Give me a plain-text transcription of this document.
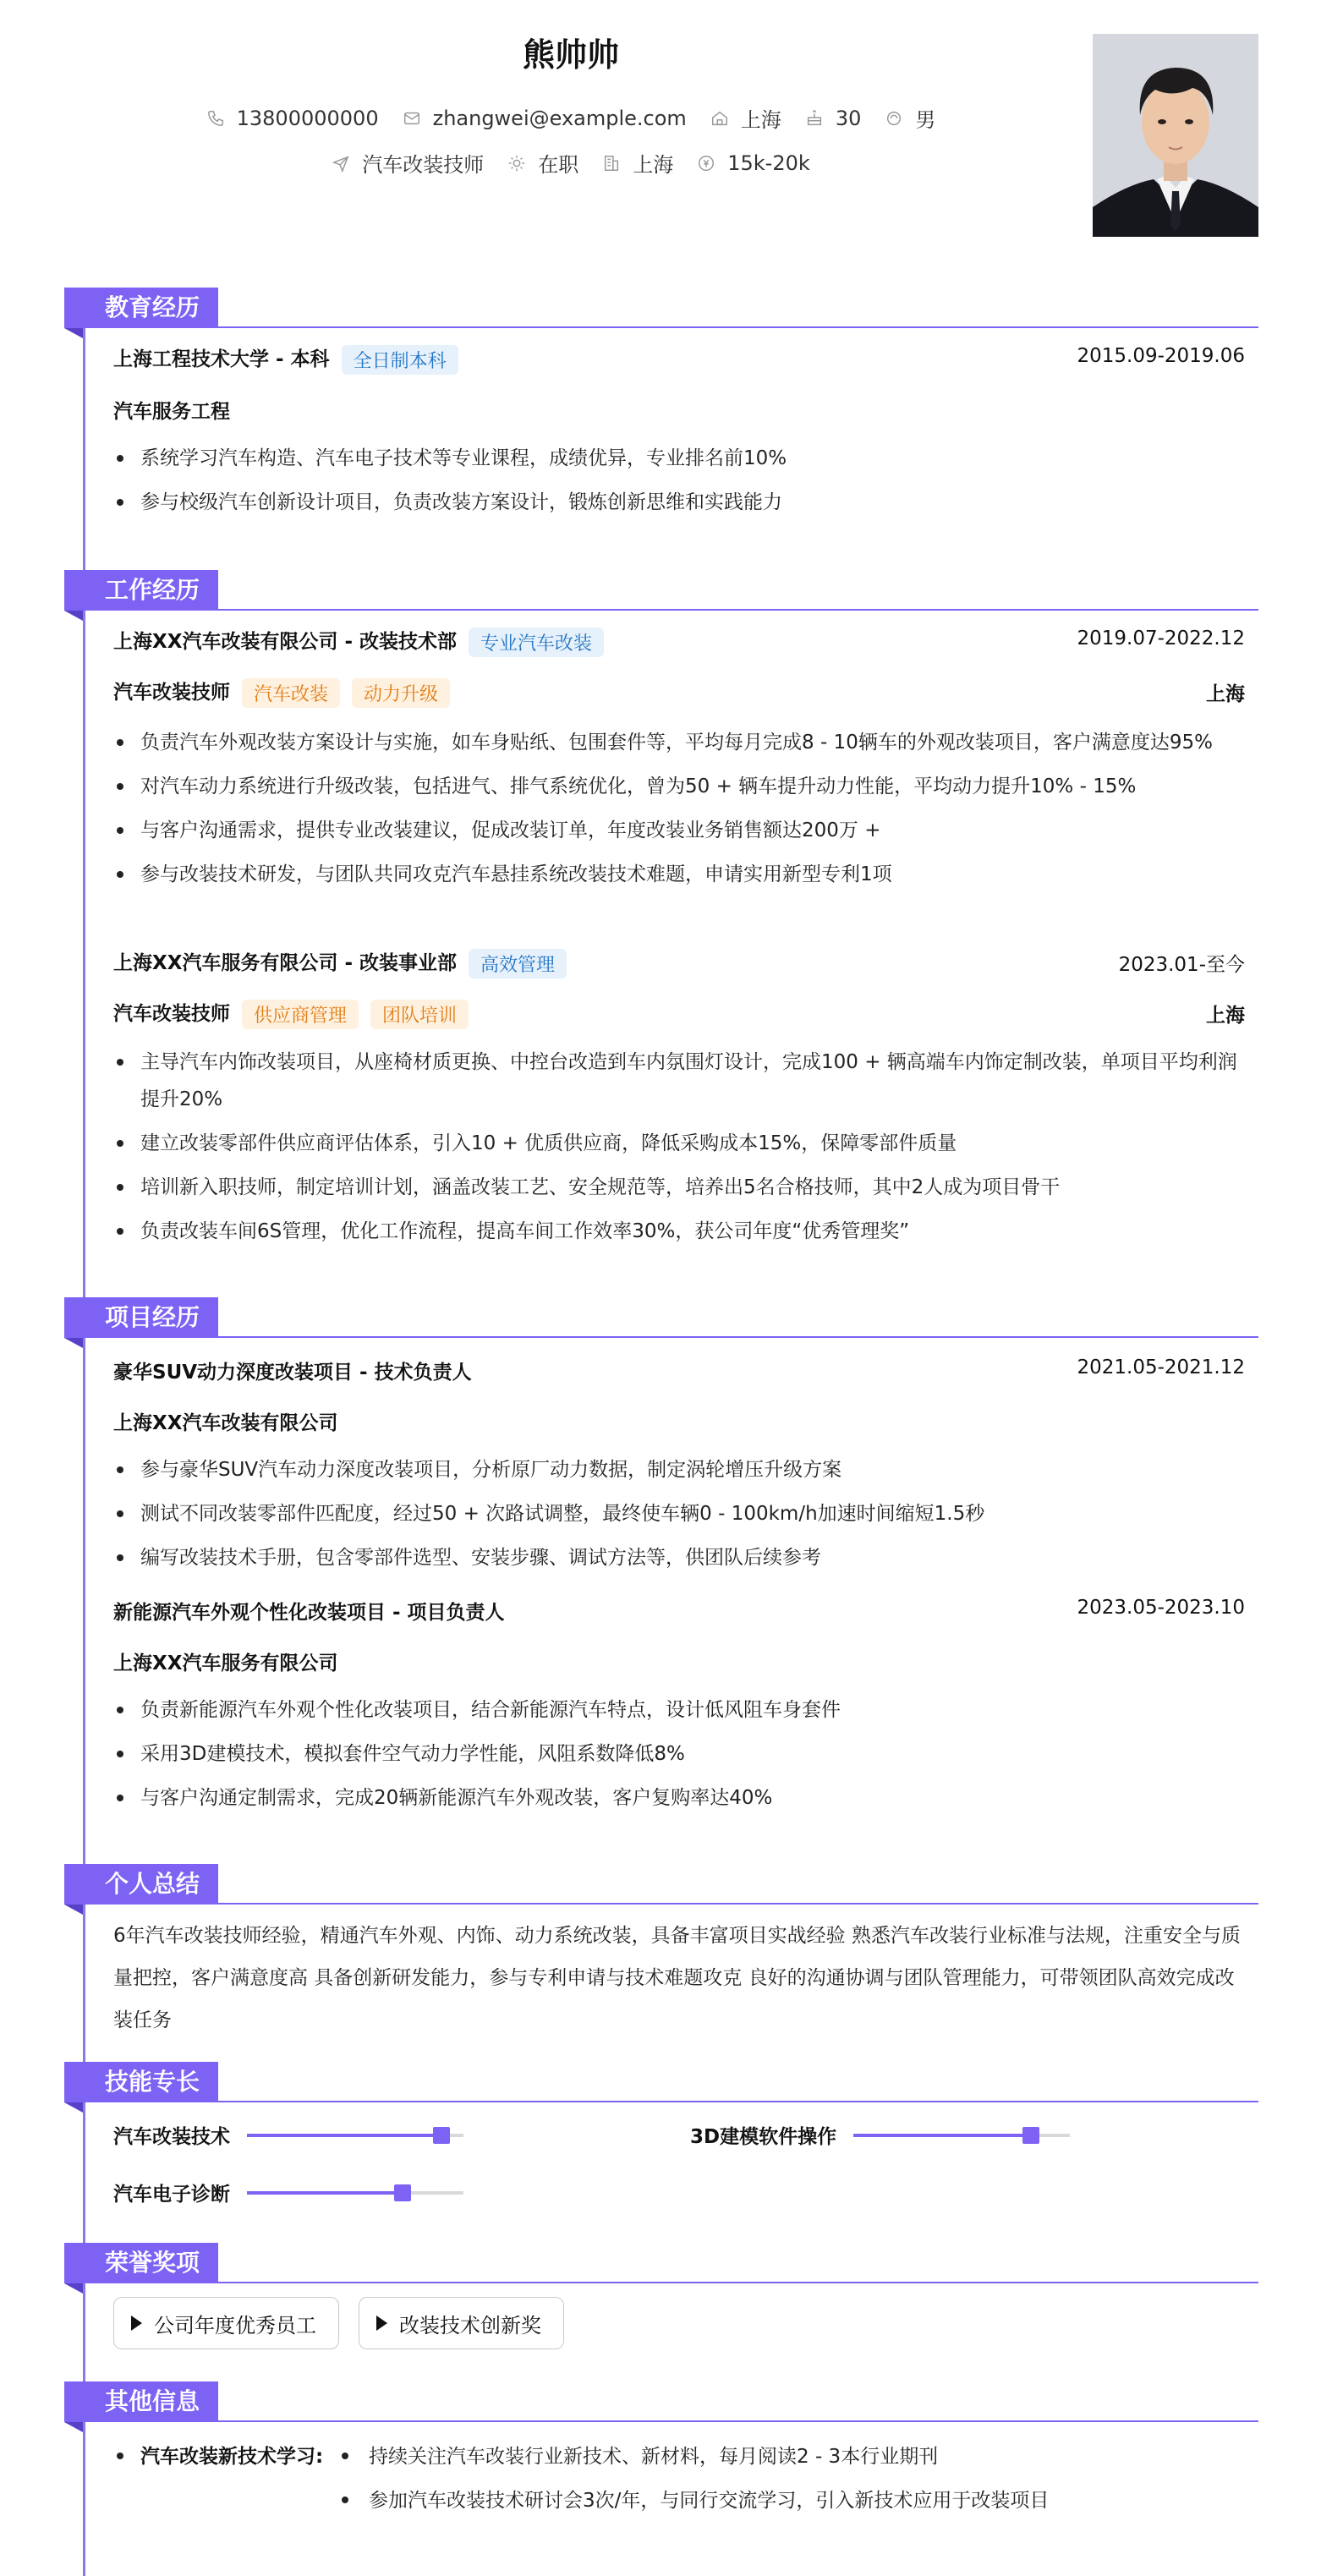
熊帅帅
13800000000	zhangwei@example.com	上海	30	男
汽车改装技师	在职	上海	15k-20k
教育经历
上海工程技术大学 - 本科 全日制本科	2015.09-2019.06
汽车服务工程
系统学习汽车构造、汽车电子技术等专业课程，成绩优异，专业排名前10%
参与校级汽车创新设计项目，负责改装方案设计，锻炼创新思维和实践能力
工作经历
上海XX汽车改装有限公司 - 改装技术部 专业汽车改装	2019.07-2022.12
汽车改装技师 汽车改装 动力升级	上海
负责汽车外观改装方案设计与实施，如车身贴纸、包围套件等，平均每月完成8 - 10辆车的外观改装项目，客户满意度达95%
对汽车动力系统进行升级改装，包括进气、排气系统优化，曾为50 + 辆车提升动力性能，平均动力提升10% - 15%
与客户沟通需求，提供专业改装建议，促成改装订单，年度改装业务销售额达200万 +
参与改装技术研发，与团队共同攻克汽车悬挂系统改装技术难题，申请实用新型专利1项
上海XX汽车服务有限公司 - 改装事业部 高效管理	2023.01-至今
汽车改装技师 供应商管理 团队培训	上海
主导汽车内饰改装项目，从座椅材质更换、中控台改造到车内氛围灯设计，完成100 + 辆高端车内饰定制改装，单项目平均利润提升20%
建立改装零部件供应商评估体系，引入10 + 优质供应商，降低采购成本15%，保障零部件质量
培训新入职技师，制定培训计划，涵盖改装工艺、安全规范等，培养出5名合格技师，其中2人成为项目骨干
负责改装车间6S管理，优化工作流程，提高车间工作效率30%，获公司年度“优秀管理奖”
项目经历
豪华SUV动力深度改装项目 - 技术负责人	2021.05-2021.12
上海XX汽车改装有限公司
参与豪华SUV汽车动力深度改装项目，分析原厂动力数据，制定涡轮增压升级方案
测试不同改装零部件匹配度，经过50 + 次路试调整，最终使车辆0 - 100km/h加速时间缩短1.5秒
编写改装技术手册，包含零部件选型、安装步骤、调试方法等，供团队后续参考
新能源汽车外观个性化改装项目 - 项目负责人	2023.05-2023.10
上海XX汽车服务有限公司
负责新能源汽车外观个性化改装项目，结合新能源汽车特点，设计低风阻车身套件
采用3D建模技术，模拟套件空气动力学性能，风阻系数降低8%
与客户沟通定制需求，完成20辆新能源汽车外观改装，客户复购率达40%
个人总结
6年汽车改装技师经验，精通汽车外观、内饰、动力系统改装，具备丰富项目实战经验 熟悉汽车改装行业标准与法规，注重安全与质量把控，客户满意度高 具备创新研发能力，参与专利申请与技术难题攻克 良好的沟通协调与团队管理能力，可带领团队高效完成改装任务
技能专长
汽车改装技术	3D建模软件操作
汽车电子诊断
荣誉奖项
公司年度优秀员工	改装技术创新奖
其他信息
汽车改装新技术学习: 持续关注汽车改装行业新技术、新材料，每月阅读2 - 3本行业期刊
参加汽车改装技术研讨会3次/年，与同行交流学习，引入新技术应用于改装项目
